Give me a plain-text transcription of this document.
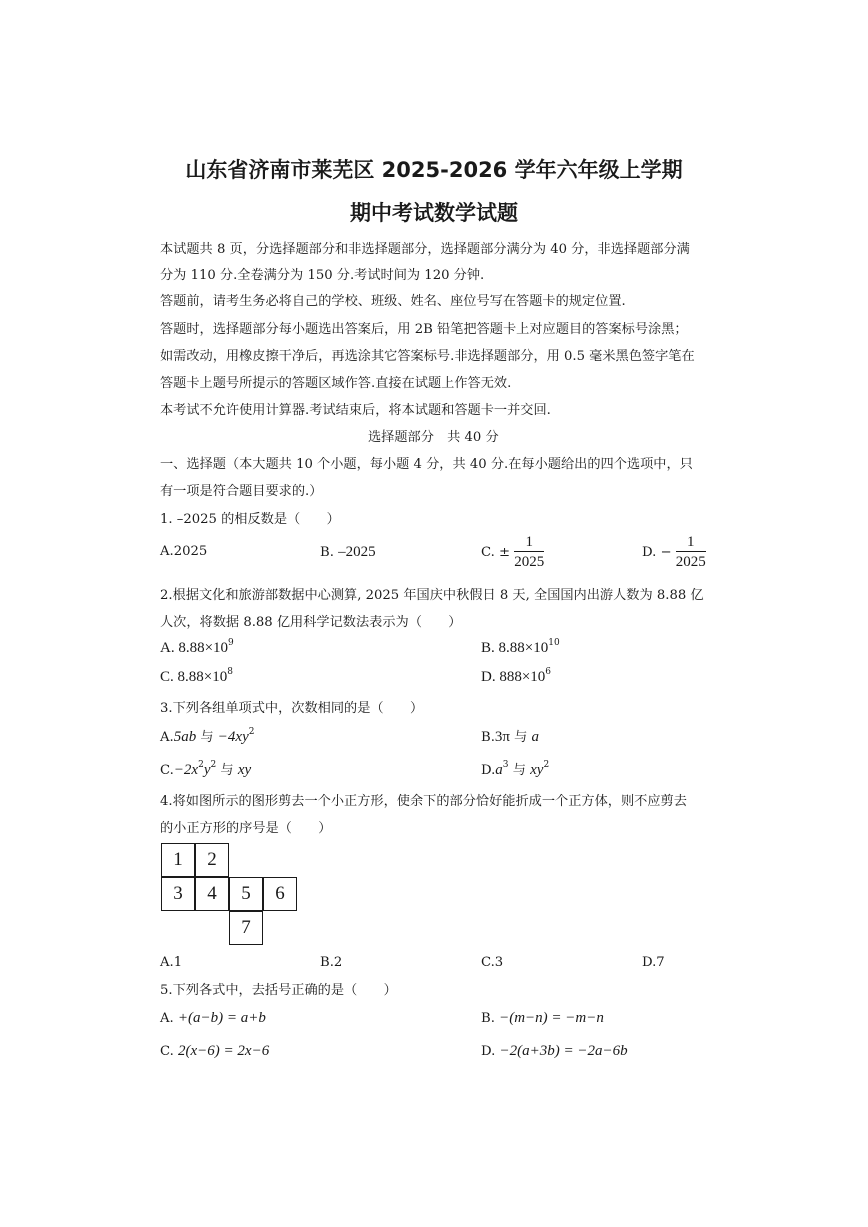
山东省济南市莱芜区 2025-2026 学年六年级上学期
期中考试数学试题
本试题共 8 页，分选择题部分和非选择题部分，选择题部分满分为 40 分，非选择题部分满
分为 110 分.全卷满分为 150 分.考试时间为 120 分钟.
答题前，请考生务必将自己的学校、班级、姓名、座位号写在答题卡的规定位置.
答题时，选择题部分每小题选出答案后，用 2B 铅笔把答题卡上对应题目的答案标号涂黑；
如需改动，用橡皮擦干净后，再选涂其它答案标号.非选择题部分，用 0.5 毫米黑色签字笔在
答题卡上题号所提示的答题区域作答.直接在试题上作答无效.
本考试不允许使用计算器.考试结束后，将本试题和答题卡一并交回.
选择题部分　共 40 分
一、选择题（本大题共 10 个小题，每小题 4 分，共 40 分.在每小题给出的四个选项中，只
有一项是符合题目要求的.）
1. –2025 的相反数是（　　）
A.2025	B. –2025	C. ± $\frac{1}{2025}$	D. − $\frac{1}{2025}$
2.根据文化和旅游部数据中心测算, 2025 年国庆中秋假日 8 天, 全国国内出游人数为 8.88 亿
人次，将数据 8.88 亿用科学记数法表示为（　　）
A. $8.88\times 10^9$	B. $8.88\times 10^{10}$
C. $8.88\times 10^8$	D. $888\times 10^6$
3.下列各组单项式中，次数相同的是（　　）
A.5ab 与 $-4xy^2$	B.3π 与 a
$C.-2x^2y^2$ 与 xy	$D.a^3$ 与 $xy^2$
4.将如图所示的图形剪去一个小正方形，使余下的部分恰好能折成一个正方体，则不应剪去
的小正方形的序号是（　　）
1	2
3	4	5	6
7
A.1	B.2	C.3	D.7
5.下列各式中，去括号正确的是（　　）
A. +(a−b) = a+b	B. −(m−n) = −m−n
C. 2(x−6) = 2x−6	D. −2(a+3b) = −2a−6b
